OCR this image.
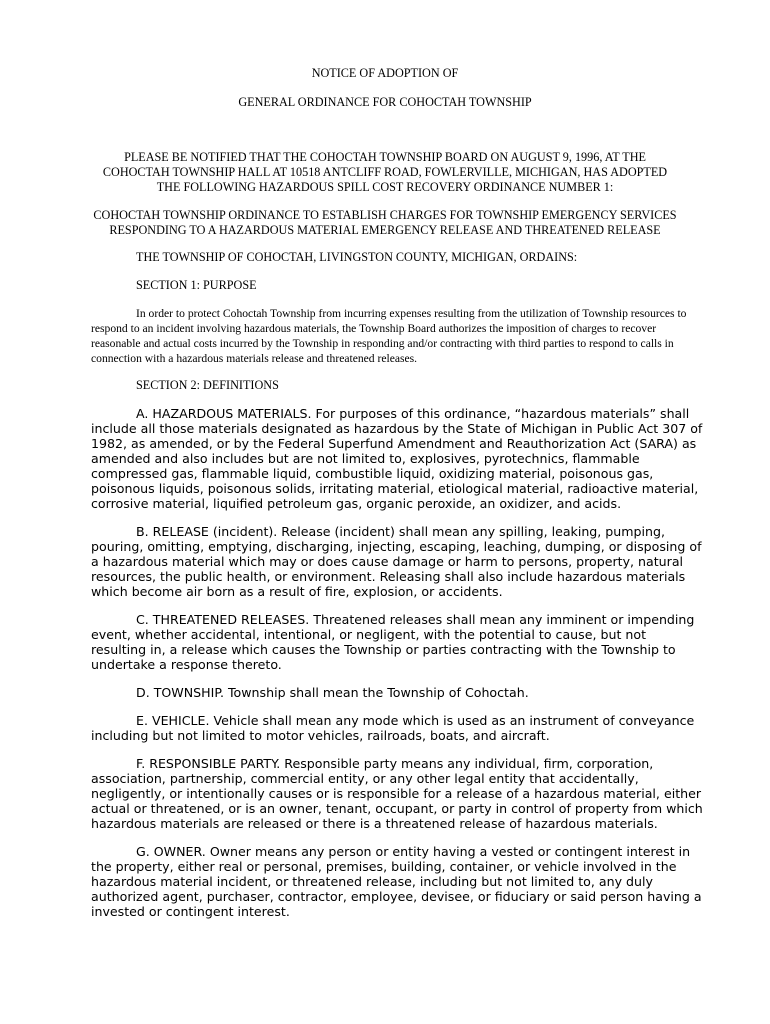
NOTICE OF ADOPTION OF
GENERAL ORDINANCE FOR COHOCTAH TOWNSHIP
PLEASE BE NOTIFIED THAT THE COHOCTAH TOWNSHIP BOARD ON AUGUST 9, 1996, AT THE
COHOCTAH TOWNSHIP HALL AT 10518 ANTCLIFF ROAD, FOWLERVILLE, MICHIGAN, HAS ADOPTED
THE FOLLOWING HAZARDOUS SPILL COST RECOVERY ORDINANCE NUMBER 1:
COHOCTAH TOWNSHIP ORDINANCE TO ESTABLISH CHARGES FOR TOWNSHIP EMERGENCY SERVICES
RESPONDING TO A HAZARDOUS MATERIAL EMERGENCY RELEASE AND THREATENED RELEASE
THE TOWNSHIP OF COHOCTAH, LIVINGSTON COUNTY, MICHIGAN, ORDAINS:
SECTION 1: PURPOSE

In order to protect Cohoctah Township from incurring expenses resulting from the utilization of Township resources to respond to an incident involving hazardous materials, the Township Board authorizes the imposition of charges to recover reasonable and actual costs incurred by the Township in responding and/or contracting with third parties to respond to calls in connection with a hazardous materials release and threatened releases.

SECTION 2: DEFINITIONS

A. HAZARDOUS MATERIALS. For purposes of this ordinance, “hazardous materials” shall include all those materials designated as hazardous by the State of Michigan in Public Act 307 of 1982, as amended, or by the Federal Superfund Amendment and Reauthorization Act (SARA) as amended and also includes but are not limited to, explosives, pyrotechnics, flammable compressed gas, flammable liquid, combustible liquid, oxidizing material, poisonous gas, poisonous liquids, poisonous solids, irritating material, etiological material, radioactive material, corrosive material, liquified petroleum gas, organic peroxide, an oxidizer, and acids.

B. RELEASE (incident). Release (incident) shall mean any spilling, leaking, pumping, pouring, omitting, emptying, discharging, injecting, escaping, leaching, dumping, or disposing of a hazardous material which may or does cause damage or harm to persons, property, natural resources, the public health, or environment. Releasing shall also include hazardous materials which become air born as a result of fire, explosion, or accidents.

C. THREATENED RELEASES. Threatened releases shall mean any imminent or impending event, whether accidental, intentional, or negligent, with the potential to cause, but not resulting in, a release which causes the Township or parties contracting with the Township to undertake a response thereto.

D. TOWNSHIP. Township shall mean the Township of Cohoctah.

E. VEHICLE. Vehicle shall mean any mode which is used as an instrument of conveyance including but not limited to motor vehicles, railroads, boats, and aircraft.

F. RESPONSIBLE PARTY. Responsible party means any individual, firm, corporation, association, partnership, commercial entity, or any other legal entity that accidentally, negligently, or intentionally causes or is responsible for a release of a hazardous material, either actual or threatened, or is an owner, tenant, occupant, or party in control of property from which hazardous materials are released or there is a threatened release of hazardous materials.

G. OWNER. Owner means any person or entity having a vested or contingent interest in the property, either real or personal, premises, building, container, or vehicle involved in the hazardous material incident, or threatened release, including but not limited to, any duly authorized agent, purchaser, contractor, employee, devisee, or fiduciary or said person having a invested or contingent interest.
